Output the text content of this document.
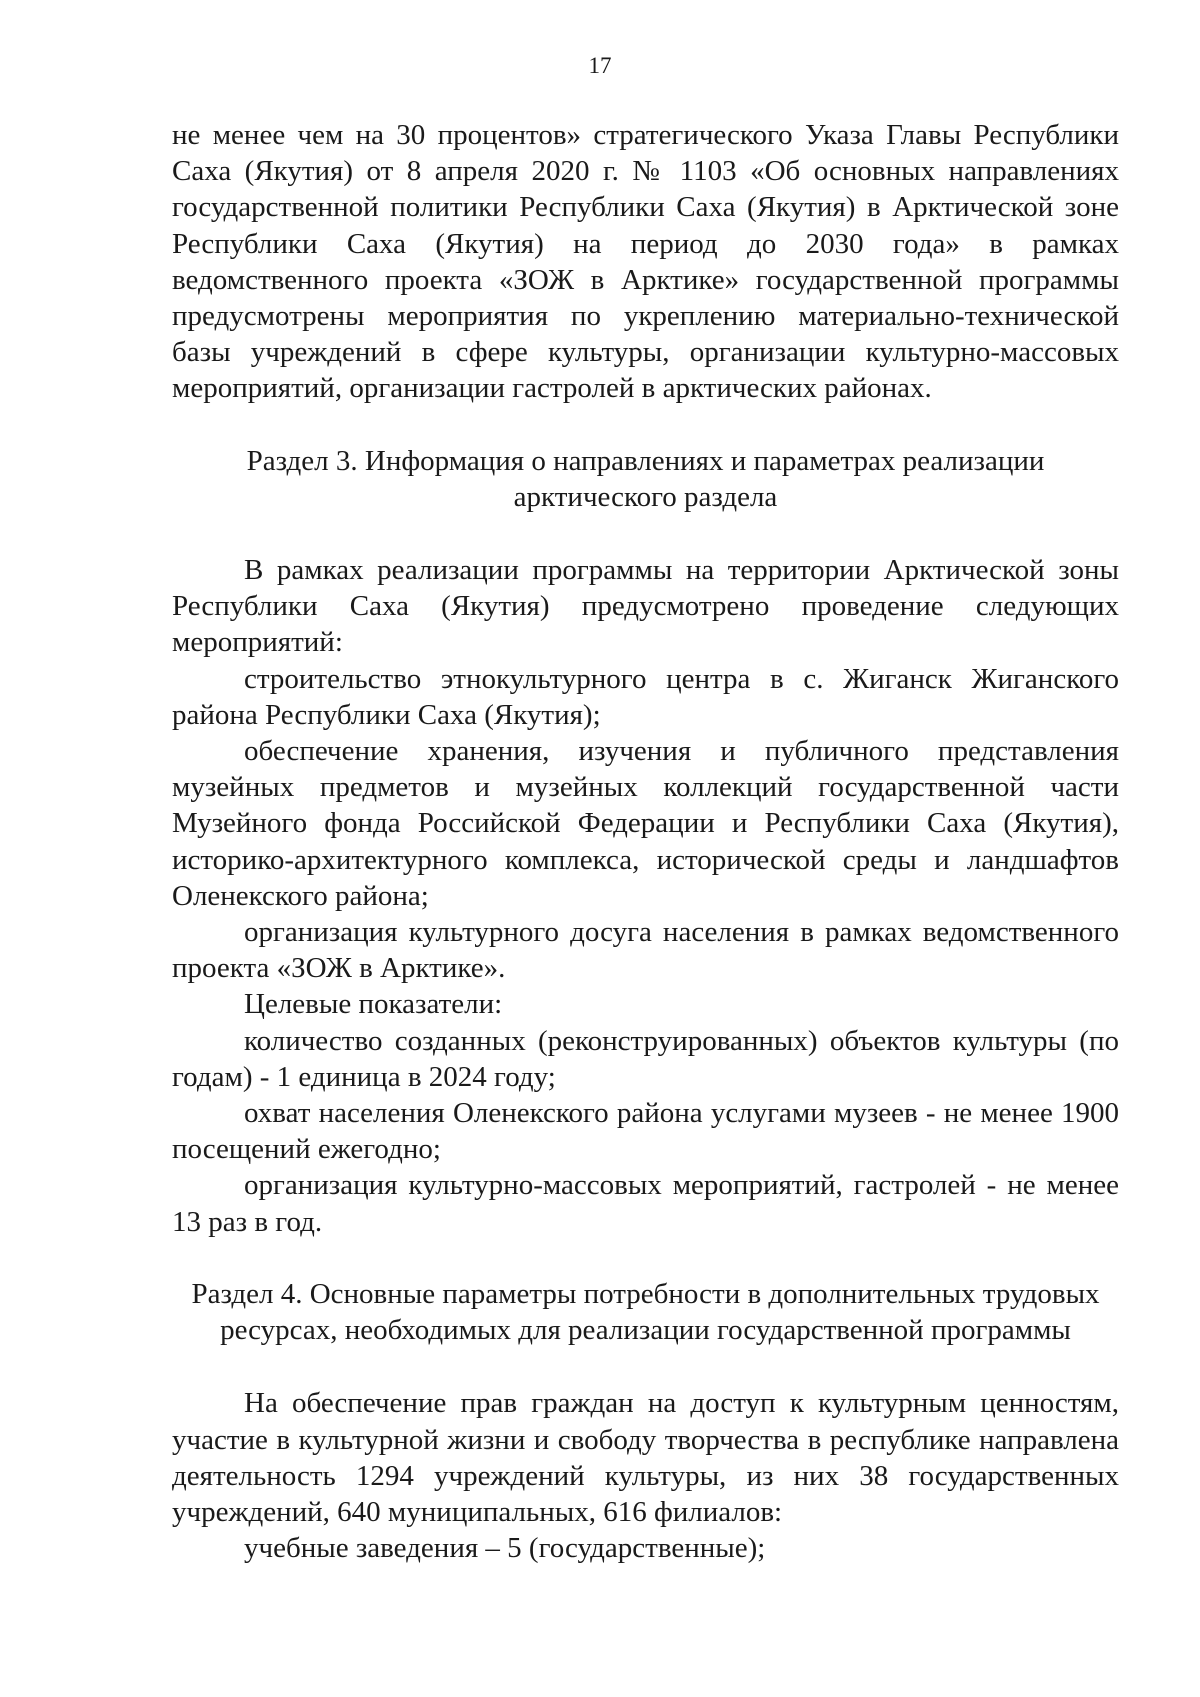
17

не менее чем на 30 процентов» стратегического Указа Главы Республики Саха (Якутия) от 8 апреля 2020 г. № 1103 «Об основных направлениях государственной политики Республики Саха (Якутия) в Арктической зоне Республики Саха (Якутия) на период до 2030 года» в рамках ведомственного проекта «ЗОЖ в Арктике» государственной программы предусмотрены мероприятия по укреплению материально-технической базы учреждений в сфере культуры, организации культурно-массовых мероприятий, организации гастролей в арктических районах.

Раздел 3. Информация о направлениях и параметрах реализации
арктического раздела

В рамках реализации программы на территории Арктической зоны Республики Саха (Якутия) предусмотрено проведение следующих мероприятий:

строительство этнокультурного центра в с. Жиганск Жиганского района Республики Саха (Якутия);

обеспечение хранения, изучения и публичного представления музейных предметов и музейных коллекций государственной части Музейного фонда Российской Федерации и Республики Саха (Якутия), историко-архитектурного комплекса, исторической среды и ландшафтов Оленекского района;

организация культурного досуга населения в рамках ведомственного проекта «ЗОЖ в Арктике».

Целевые показатели:

количество созданных (реконструированных) объектов культуры (по годам) - 1 единица в 2024 году;

охват населения Оленекского района услугами музеев - не менее 1900 посещений ежегодно;

организация культурно-массовых мероприятий, гастролей - не менее 13 раз в год.

Раздел 4. Основные параметры потребности в дополнительных трудовых
ресурсах, необходимых для реализации государственной программы

На обеспечение прав граждан на доступ к культурным ценностям, участие в культурной жизни и свободу творчества в республике направлена деятельность 1294 учреждений культуры, из них 38 государственных учреждений, 640 муниципальных, 616 филиалов:

учебные заведения – 5 (государственные);
